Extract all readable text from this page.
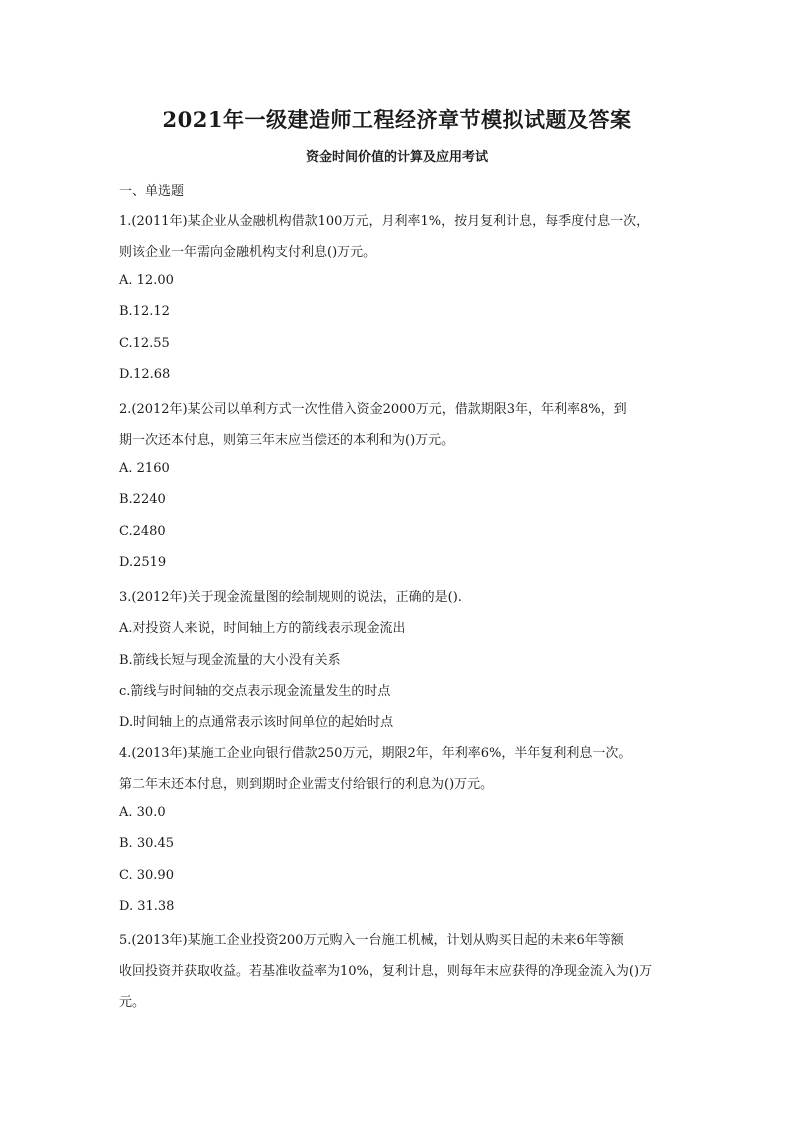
2021年一级建造师工程经济章节模拟试题及答案
资金时间价值的计算及应用考试
一、单选题
1.(2011年)某企业从金融机构借款100万元，月利率1%，按月复利计息，每季度付息一次，
则该企业一年需向金融机构支付利息()万元。
A. 12.00
B.12.12
C.12.55
D.12.68
2.(2012年)某公司以单利方式一次性借入资金2000万元，借款期限3年，年利率8%，到
期一次还本付息，则第三年末应当偿还的本利和为()万元。
A. 2160
B.2240
C.2480
D.2519
3.(2012年)关于现金流量图的绘制规则的说法，正确的是().
A.对投资人来说，时间轴上方的箭线表示现金流出
B.箭线长短与现金流量的大小没有关系
c.箭线与时间轴的交点表示现金流量发生的时点
D.时间轴上的点通常表示该时间单位的起始时点
4.(2013年)某施工企业向银行借款250万元，期限2年，年利率6%，半年复利利息一次。
第二年末还本付息，则到期时企业需支付给银行的利息为()万元。
A. 30.0
B. 30.45
C. 30.90
D. 31.38
5.(2013年)某施工企业投资200万元购入一台施工机械，计划从购买日起的未来6年等额
收回投资并获取收益。若基准收益率为10%，复利计息，则每年末应获得的净现金流入为()万
元。
